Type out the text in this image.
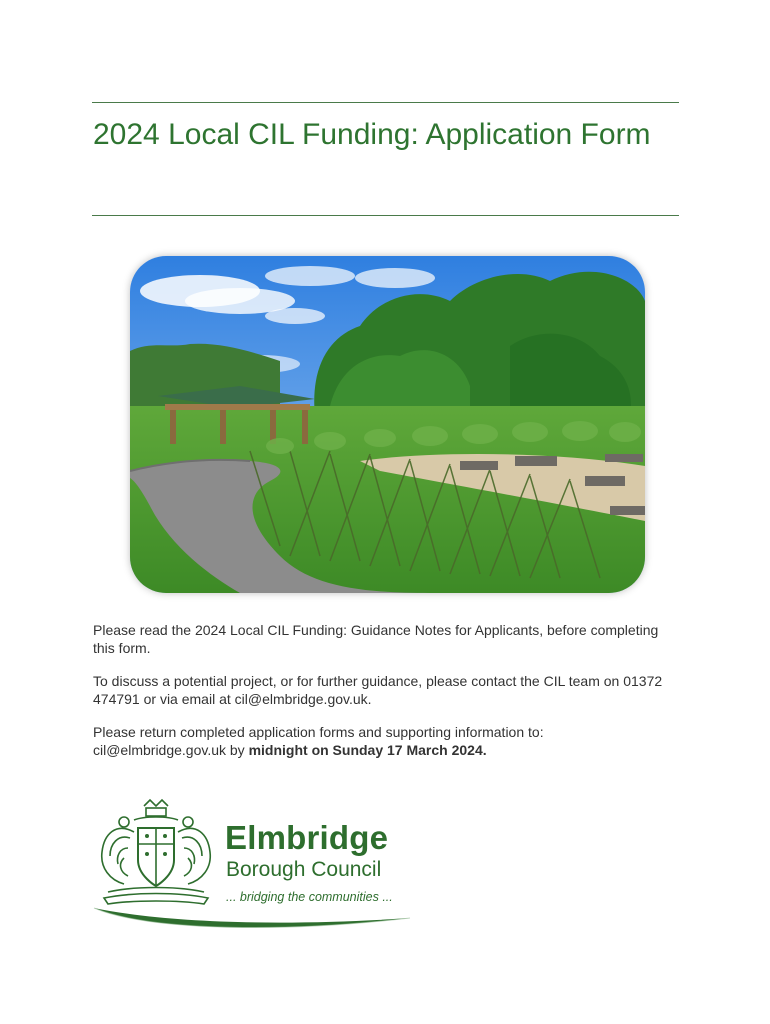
2024 Local CIL Funding: Application Form

Please read the 2024 Local CIL Funding: Guidance Notes for Applicants, before completing this form.

To discuss a potential project, or for further guidance, please contact the CIL team on 01372 474791 or via email at cil@elmbridge.gov.uk.

Please return completed application forms and supporting information to: cil@elmbridge.gov.uk by midnight on Sunday 17 March 2024.

Elmbridge
Borough Council
... bridging the communities ...
